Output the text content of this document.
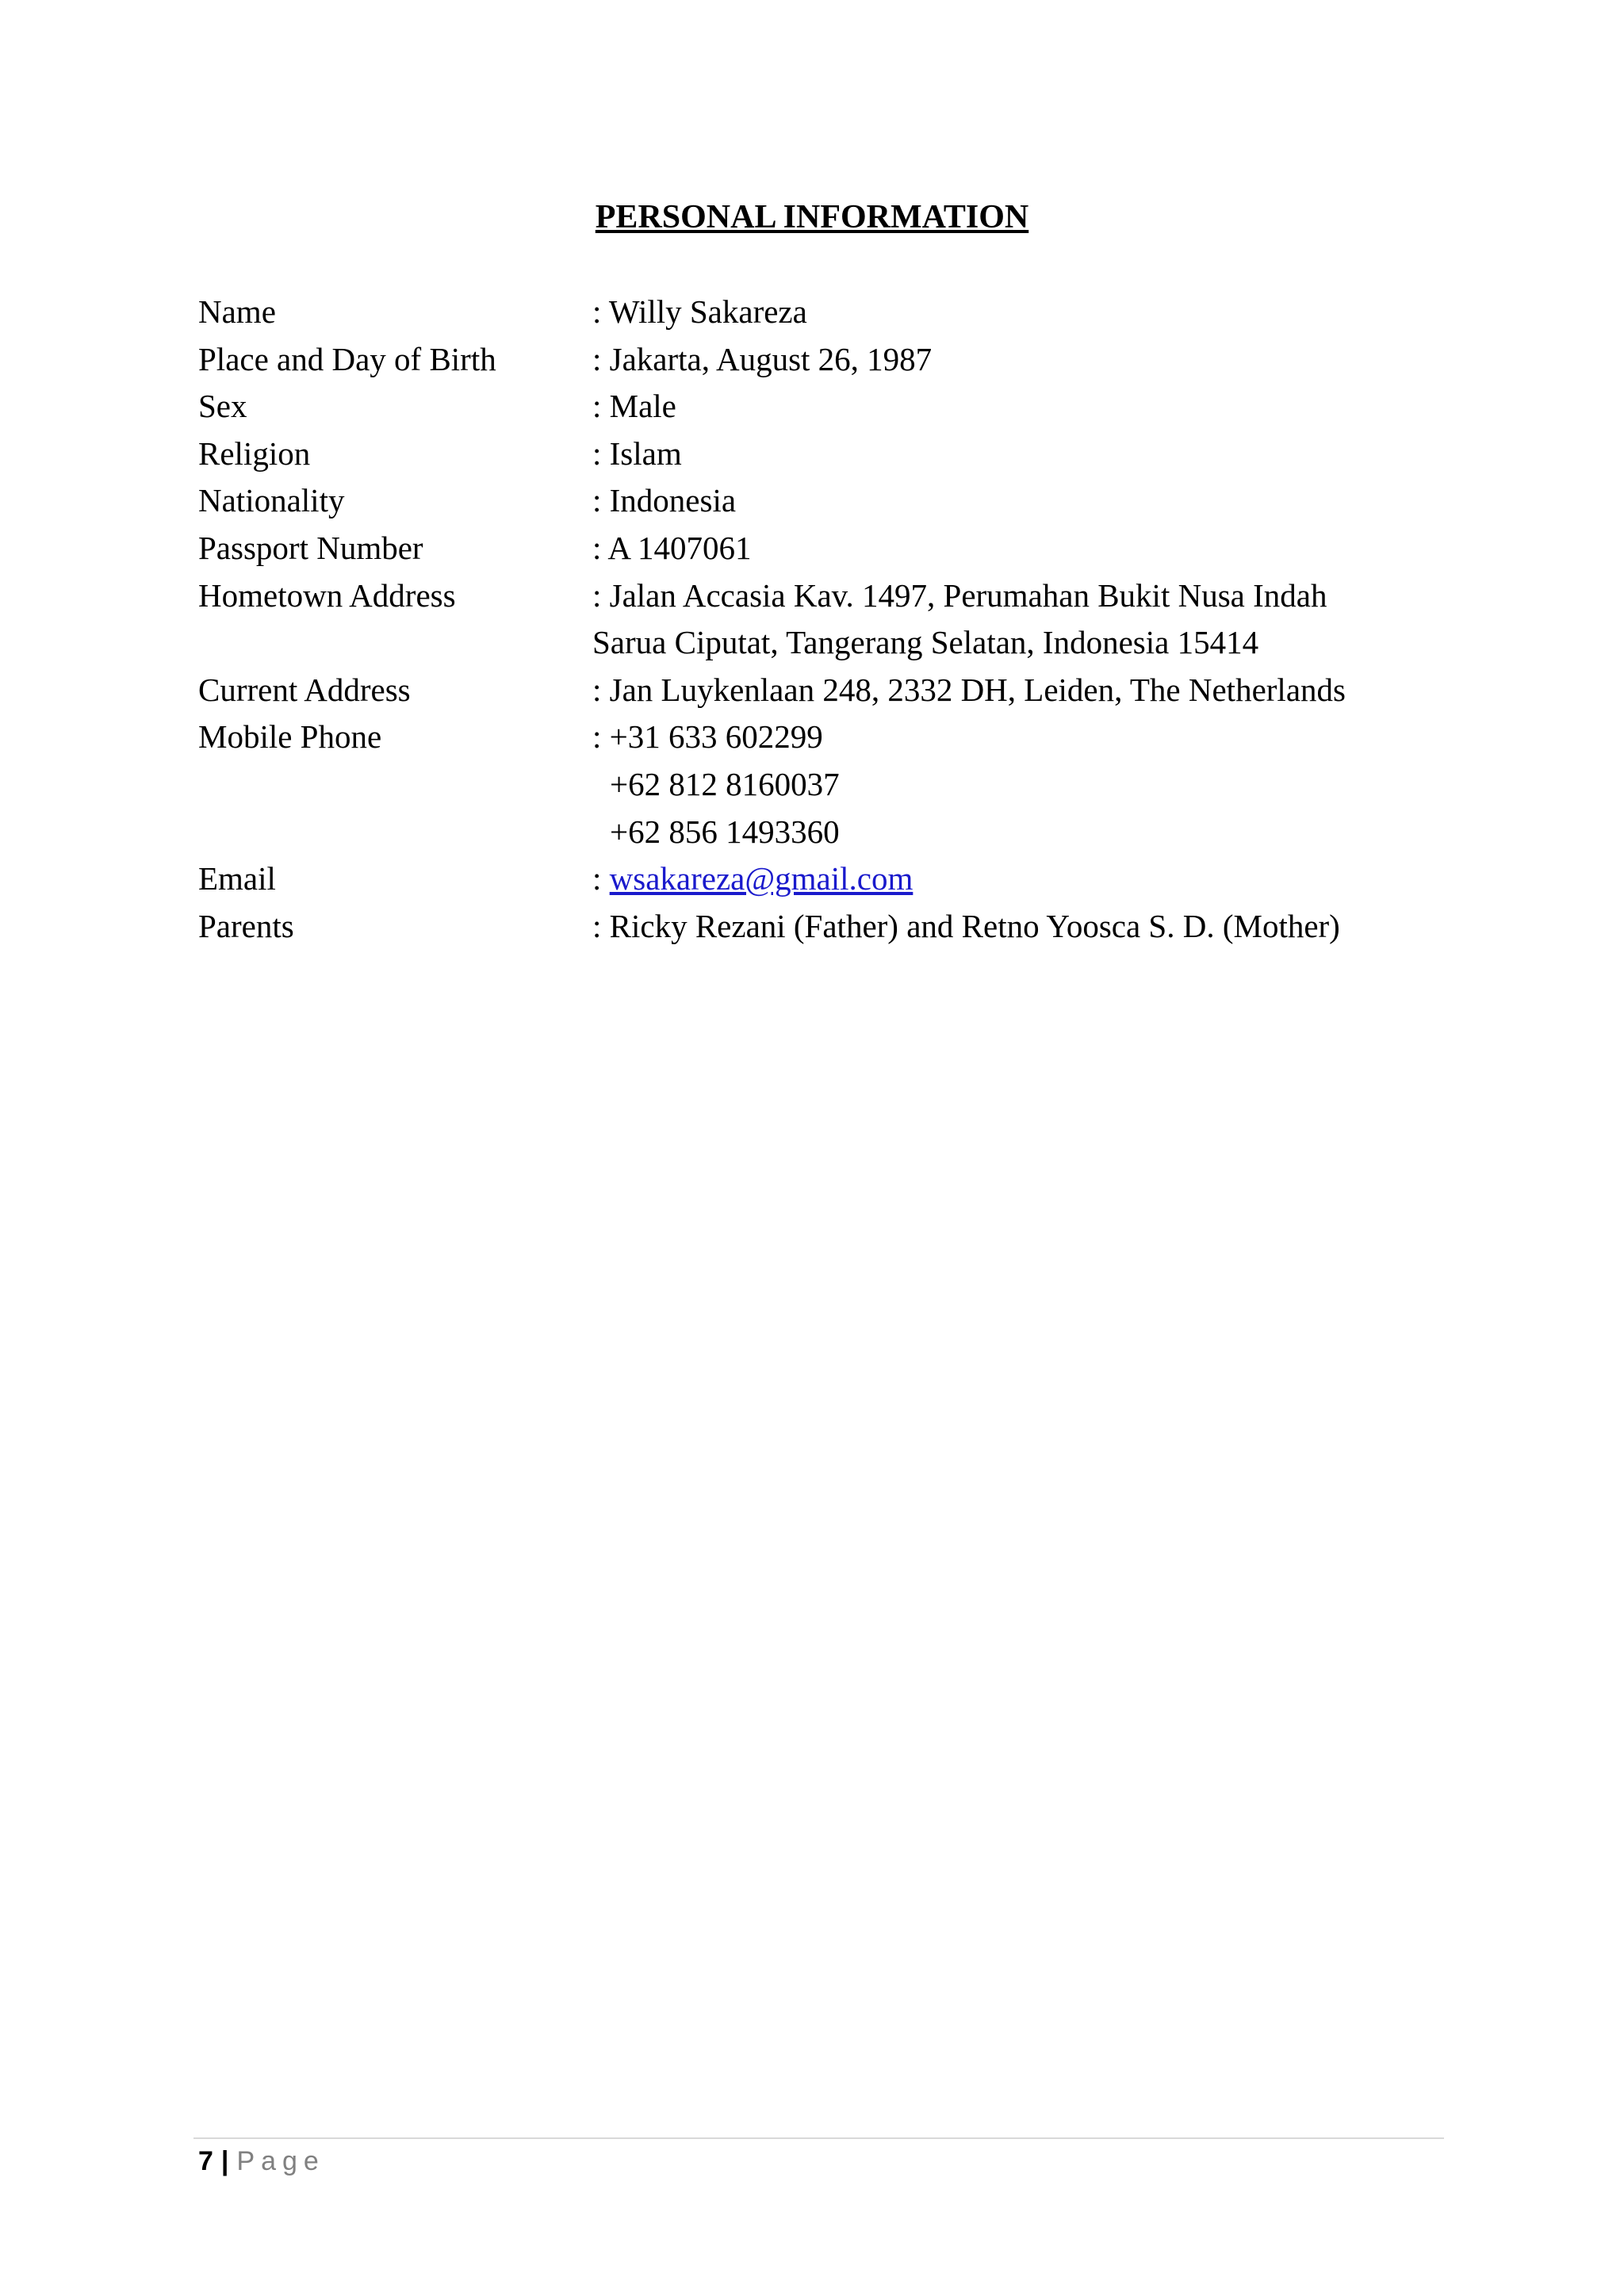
PERSONAL INFORMATION
Name	: Willy Sakareza
Place and Day of Birth	: Jakarta, August 26, 1987
Sex	: Male
Religion	: Islam
Nationality	: Indonesia
Passport Number	: A 1407061
Hometown Address	: Jalan Accasia Kav. 1497, Perumahan Bukit Nusa Indah
Sarua Ciputat, Tangerang Selatan, Indonesia 15414
Current Address	: Jan Luykenlaan 248, 2332 DH, Leiden, The Netherlands
Mobile Phone	: +31 633 602299
+62 812 8160037
+62 856 1493360
Email	: wsakareza@gmail.com
Parents	: Ricky Rezani (Father) and Retno Yoosca S. D. (Mother)
7 | Page
